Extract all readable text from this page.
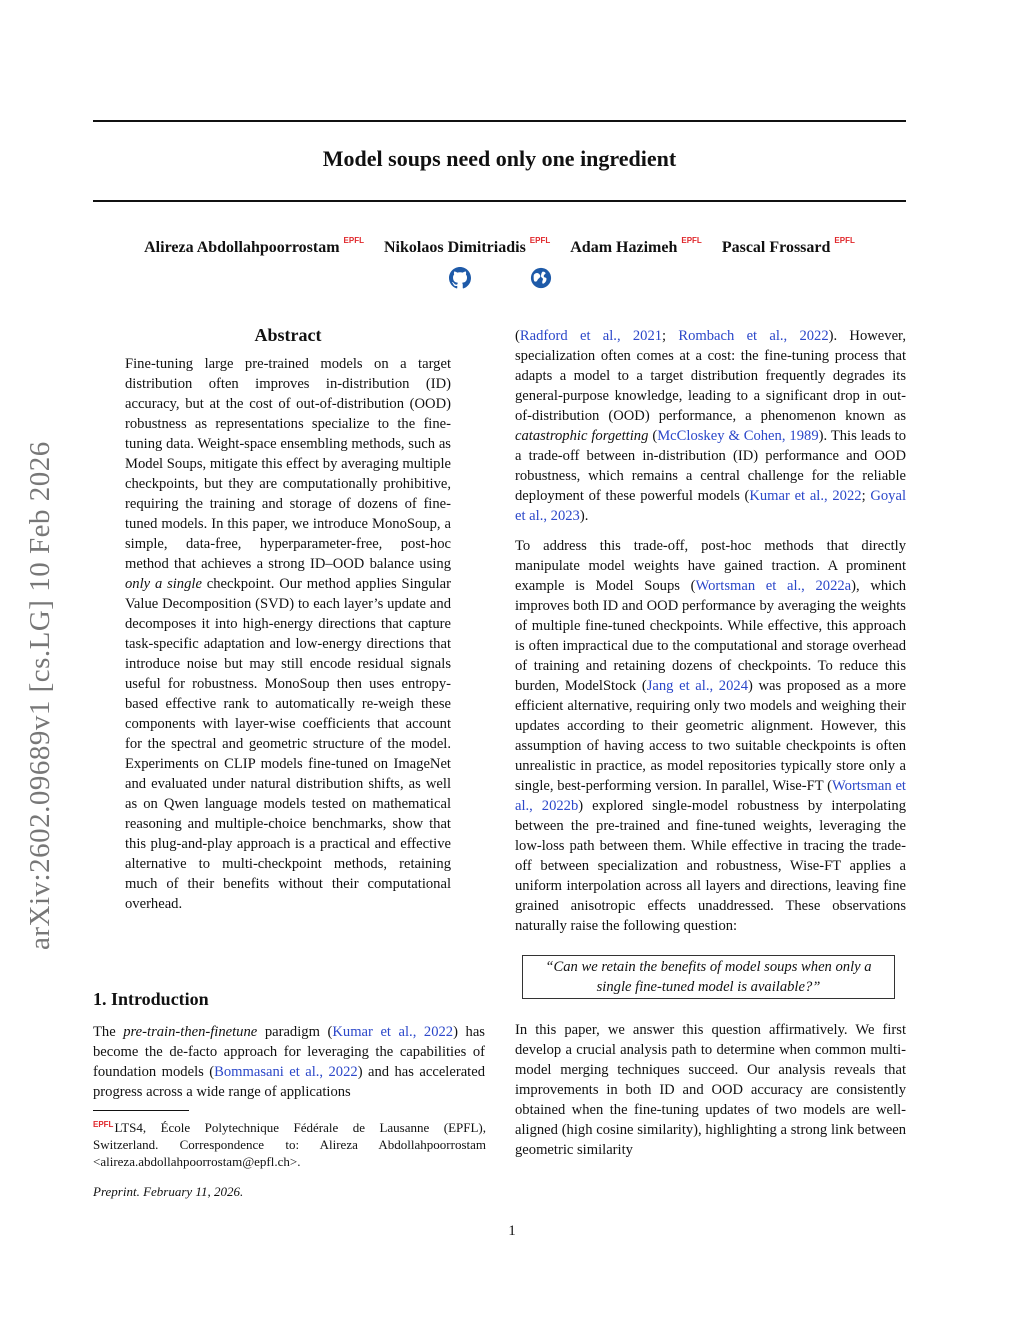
arXiv:2602.09689v1 [cs.LG] 10 Feb 2026
Model soups need only one ingredient
Alireza Abdollahpoorrostam $^{EPFL}$ Nikolaos Dimitriadis $^{EPFL}$ Adam Hazimeh $^{EPFL}$ Pascal Frossard $^{EPFL}$
Abstract

Fine-tuning large pre-trained models on a target distribution often improves in-distribution (ID) accuracy, but at the cost of out-of-distribution (OOD) robustness as representations specialize to the fine-tuning data. Weight-space ensembling methods, such as Model Soups, mitigate this effect by averaging multiple checkpoints, but they are computationally prohibitive, requiring the training and storage of dozens of fine-tuned models. In this paper, we introduce MonoSoup, a simple, data-free, hyperparameter-free, post-hoc method that achieves a strong ID–OOD balance using only a single checkpoint. Our method applies Singular Value Decomposition (SVD) to each layer’s update and decomposes it into high-energy directions that capture task-specific adaptation and low-energy directions that introduce noise but may still encode residual signals useful for robustness. MonoSoup then uses entropy-based effective rank to automatically re-weigh these components with layer-wise coefficients that account for the spectral and geometric structure of the model. Experiments on CLIP models fine-tuned on ImageNet and evaluated under natural distribution shifts, as well as on Qwen language models tested on mathematical reasoning and multiple-choice benchmarks, show that this plug-and-play approach is a practical and effective alternative to multi-checkpoint methods, retaining much of their benefits without their computational overhead.

1. Introduction

The pre-train-then-finetune paradigm (Kumar et al., 2022) has become the de-facto approach for leveraging the capabilities of foundation models (Bommasani et al., 2022) and has accelerated progress across a wide range of applications

$^{EPFL}$LTS4, École Polytechnique Fédérale de Lausanne (EPFL), Switzerland. Correspondence to: Alireza Abdollahpoorrostam <alireza.abdollahpoorrostam@epfl.ch>.
Preprint. February 11, 2026.

(Radford et al., 2021; Rombach et al., 2022). However, specialization often comes at a cost: the fine-tuning process that adapts a model to a target distribution frequently degrades its general-purpose knowledge, leading to a significant drop in out-of-distribution (OOD) performance, a phenomenon known as catastrophic forgetting (McCloskey & Cohen, 1989). This leads to a trade-off between in-distribution (ID) performance and OOD robustness, which remains a central challenge for the reliable deployment of these powerful models (Kumar et al., 2022; Goyal et al., 2023).

To address this trade-off, post-hoc methods that directly manipulate model weights have gained traction. A prominent example is Model Soups (Wortsman et al., 2022a), which improves both ID and OOD performance by averaging the weights of multiple fine-tuned checkpoints. While effective, this approach is often impractical due to the computational and storage overhead of training and retaining dozens of checkpoints. To reduce this burden, ModelStock (Jang et al., 2024) was proposed as a more efficient alternative, requiring only two models and weighing their updates according to their geometric alignment. However, this assumption of having access to two suitable checkpoints is often unrealistic in practice, as model repositories typically store only a single, best-performing version. In parallel, Wise-FT (Wortsman et al., 2022b) explored single-model robustness by interpolating between the pre-trained and fine-tuned weights, leveraging the low-loss path between them. While effective in tracing the trade-off between specialization and robustness, Wise-FT applies a uniform interpolation across all layers and directions, leaving fine grained anisotropic effects unaddressed. These observations naturally raise the following question:

“Can we retain the benefits of model soups when only a single fine-tuned model is available?”

In this paper, we answer this question affirmatively. We first develop a crucial analysis path to determine when common multi-model merging techniques succeed. Our analysis reveals that improvements in both ID and OOD accuracy are consistently obtained when the fine-tuning updates of two models are well-aligned (high cosine similarity), highlighting a strong link between geometric similarity

1
